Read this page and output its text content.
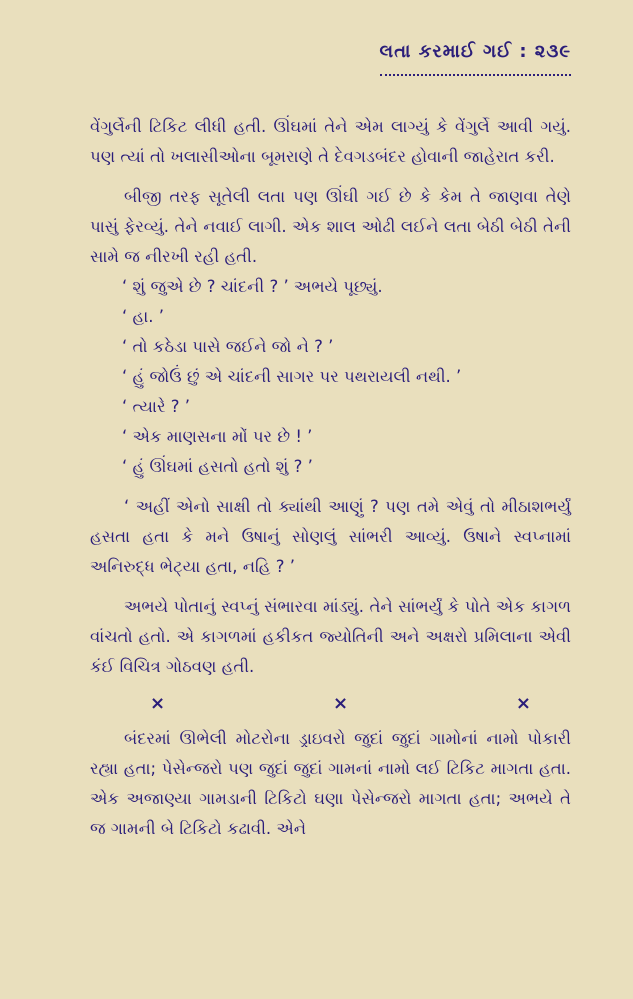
લતા કરમાઈ ગઈ : ૨૩૯

વેંગુર્લેની ટિકિટ લીધી હતી. ઊંઘમાં તેને એમ લાગ્યું કે વેંગુર્લે આવી ગયું. પણ ત્યાં તો ખલાસીઓના બૂમરાણે તે દેવગડબંદર હોવાની જાહેરાત કરી.

બીજી તરફ સૂતેલી લતા પણ ઊંઘી ગઈ છે કે કેમ તે જાણવા તેણે પાસું ફેરવ્યું. તેને નવાઈ લાગી. એક શાલ ઓઢી લઈને લતા બેઠી બેઠી તેની સામે જ નીરખી રહી હતી.

‘ શું જુએ છે ? ચાંદની ? ’ અભયે પૂછ્યું.

‘ હા. ’

‘ તો કઠેડા પાસે જઈને જો ને ? ’

‘ હું જોઉં છું એ ચાંદની સાગર પર પથરાયલી નથી. ’

‘ ત્યારે ? ’

‘ એક માણસના મોં પર છે ! ’

‘ હું ઊંઘમાં હસતો હતો શું ? ’

‘ અહીં એનો સાક્ષી તો ક્યાંથી આણું ? પણ તમે એવું તો મીઠાશભર્યું હસતા હતા કે મને ઉષાનું સોણલું સાંભરી આવ્યું. ઉષાને સ્વપ્નામાં અનિરુદ્ધ ભેટ્યા હતા, નહિ ? ’

અભયે પોતાનું સ્વપ્નું સંભારવા માંડ્યું. તેને સાંભર્યું કે પોતે એક કાગળ વાંચતો હતો. એ કાગળમાં હકીકત જ્યોતિની અને અક્ષરો પ્રમિલાના એવી કંઈ વિચિત્ર ગોઠવણ હતી.

×	×	×

બંદરમાં ઊભેલી મોટરોના ડ્રાઇવરો જુદાં જુદાં ગામોનાં નામો પોકારી રહ્યા હતા; પેસેન્જરો પણ જુદાં જુદાં ગામનાં નામો લઈ ટિકિટ માગતા હતા. એક અજાણ્યા ગામડાની ટિકિટો ઘણા પેસેન્જરો માગતા હતા; અભયે તે જ ગામની બે ટિકિટો કઢાવી. એને
